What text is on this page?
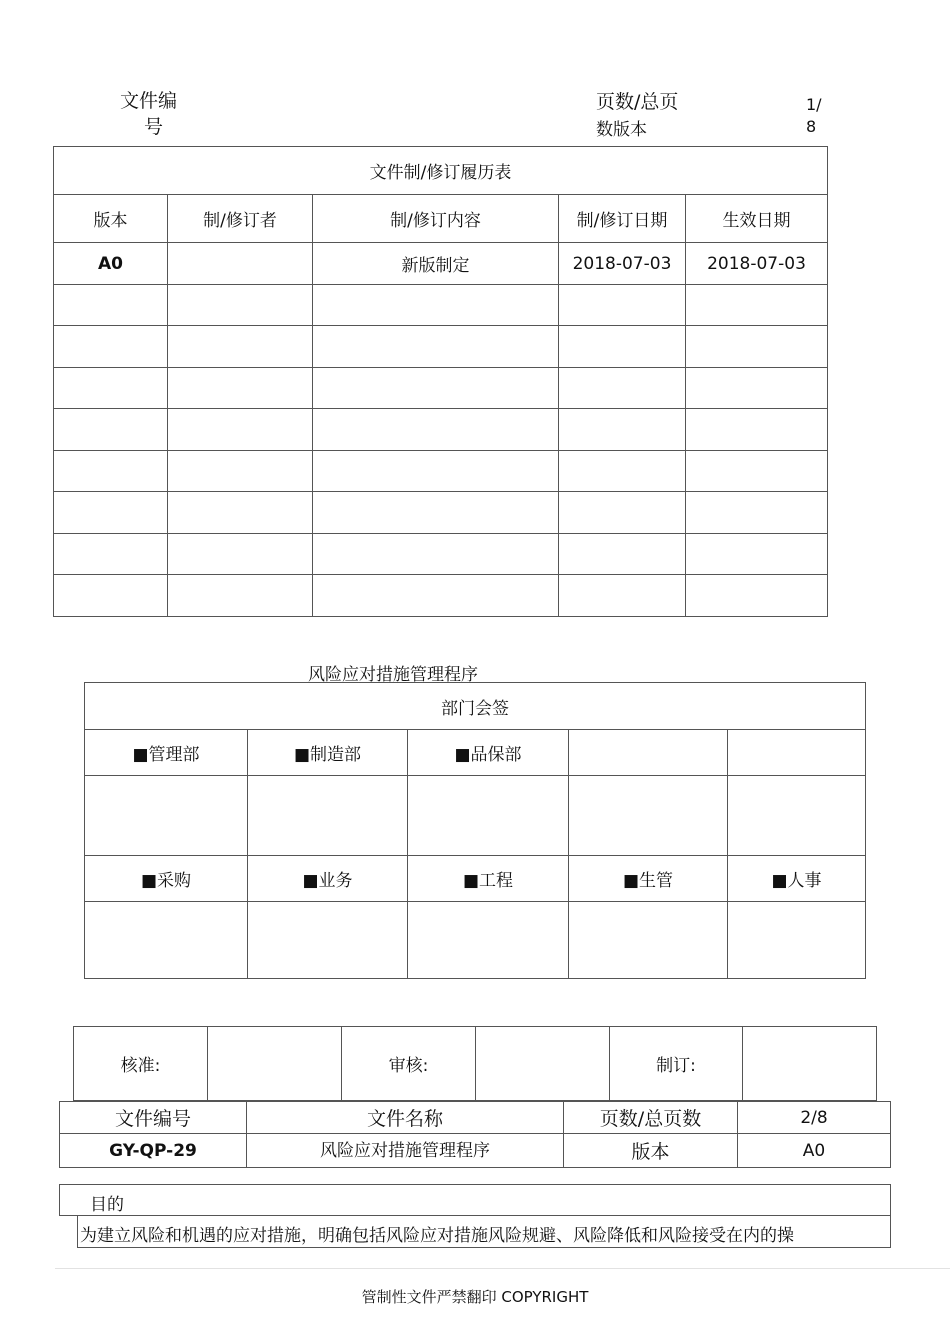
文件编
号
页数/总页
数版本
1/
8
文件制/修订履历表				
版本	制/修订者	制/修订内容	制/修订日期	生效日期
A0		新版制定	2018-07-03	2018-07-03

风险应对措施管理程序
部门会签				
■管理部	■制造部	■品保部		

■采购	■业务	■工程	■生管	■人事

核准:		审核:		制订:	
文件编号	文件名称	页数/总页数	2/8
GY-QP-29	风险应对措施管理程序	版本	A0
目的
为建立风险和机遇的应对措施，明确包括风险应对措施风险规避、风险降低和风险接受在内的操
管制性文件严禁翻印 COPYRIGHT
